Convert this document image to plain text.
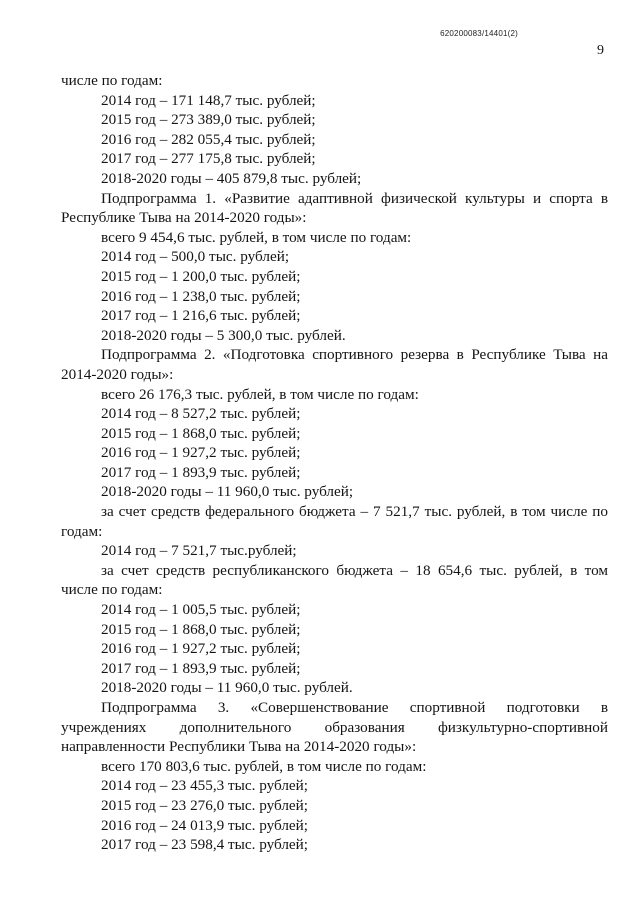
620200083/14401(2)
9
числе по годам:
2014 год – 171 148,7 тыс. рублей;
2015 год – 273 389,0 тыс. рублей;
2016 год – 282 055,4 тыс. рублей;
2017 год – 277 175,8 тыс. рублей;
2018-2020 годы – 405 879,8 тыс. рублей;
Подпрограмма 1. «Развитие адаптивной физической культуры и спорта в Республике Тыва на 2014-2020 годы»:
всего 9 454,6 тыс. рублей, в том числе по годам:
2014 год – 500,0 тыс. рублей;
2015 год – 1 200,0 тыс. рублей;
2016 год – 1 238,0 тыс. рублей;
2017 год – 1 216,6 тыс. рублей;
2018-2020 годы – 5 300,0 тыс. рублей.
Подпрограмма 2. «Подготовка спортивного резерва в Республике Тыва на 2014-2020 годы»:
всего 26 176,3 тыс. рублей, в том числе по годам:
2014 год – 8 527,2 тыс. рублей;
2015 год – 1 868,0 тыс. рублей;
2016 год – 1 927,2 тыс. рублей;
2017 год – 1 893,9 тыс. рублей;
2018-2020 годы – 11 960,0 тыс. рублей;
за счет средств федерального бюджета – 7 521,7 тыс. рублей, в том числе по годам:
2014 год – 7 521,7 тыс.рублей;
за счет средств республиканского бюджета – 18 654,6 тыс. рублей, в том числе по годам:
2014 год – 1 005,5 тыс. рублей;
2015 год – 1 868,0 тыс. рублей;
2016 год – 1 927,2 тыс. рублей;
2017 год – 1 893,9 тыс. рублей;
2018-2020 годы – 11 960,0 тыс. рублей.
Подпрограмма 3. «Совершенствование спортивной подготовки в учреждениях дополнительного образования физкультурно-спортивной направленности Республики Тыва на 2014-2020 годы»:
всего 170 803,6 тыс. рублей, в том числе по годам:
2014 год – 23 455,3 тыс. рублей;
2015 год – 23 276,0 тыс. рублей;
2016 год – 24 013,9 тыс. рублей;
2017 год – 23 598,4 тыс. рублей;
